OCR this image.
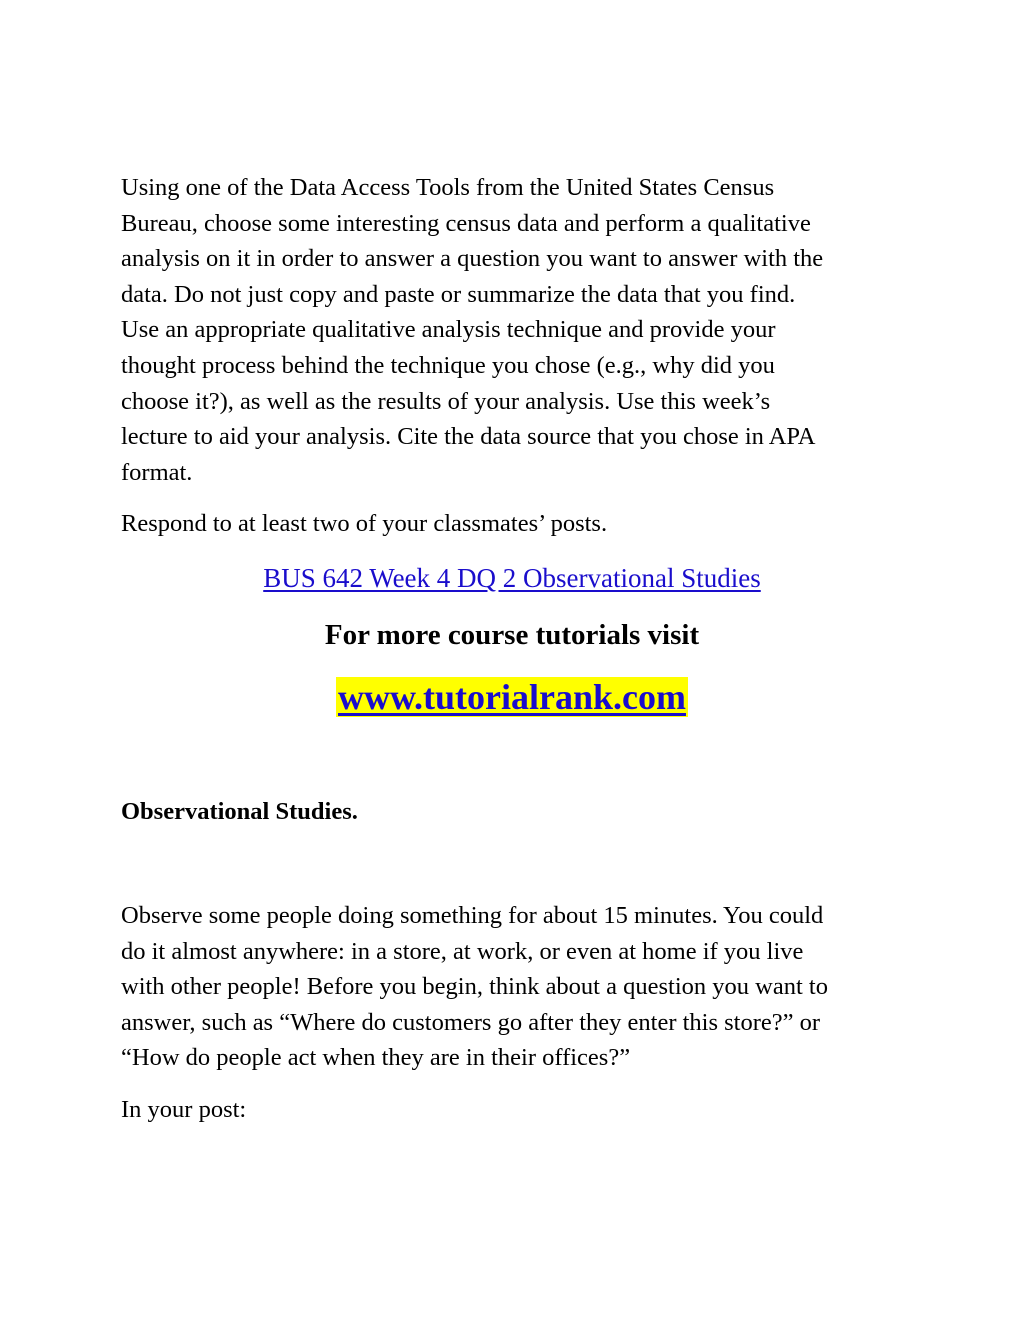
Using one of the Data Access Tools from the United States Census
Bureau, choose some interesting census data and perform a qualitative
analysis on it in order to answer a question you want to answer with the
data. Do not just copy and paste or summarize the data that you find.
Use an appropriate qualitative analysis technique and provide your
thought process behind the technique you chose (e.g., why did you
choose it?), as well as the results of your analysis. Use this week’s
lecture to aid your analysis. Cite the data source that you chose in APA
format.

Respond to at least two of your classmates’ posts.

BUS 642 Week 4 DQ 2 Observational Studies

For more course tutorials visit

www.tutorialrank.com

Observational Studies.

Observe some people doing something for about 15 minutes. You could
do it almost anywhere: in a store, at work, or even at home if you live
with other people! Before you begin, think about a question you want to
answer, such as “Where do customers go after they enter this store?” or
“How do people act when they are in their offices?”

In your post:
